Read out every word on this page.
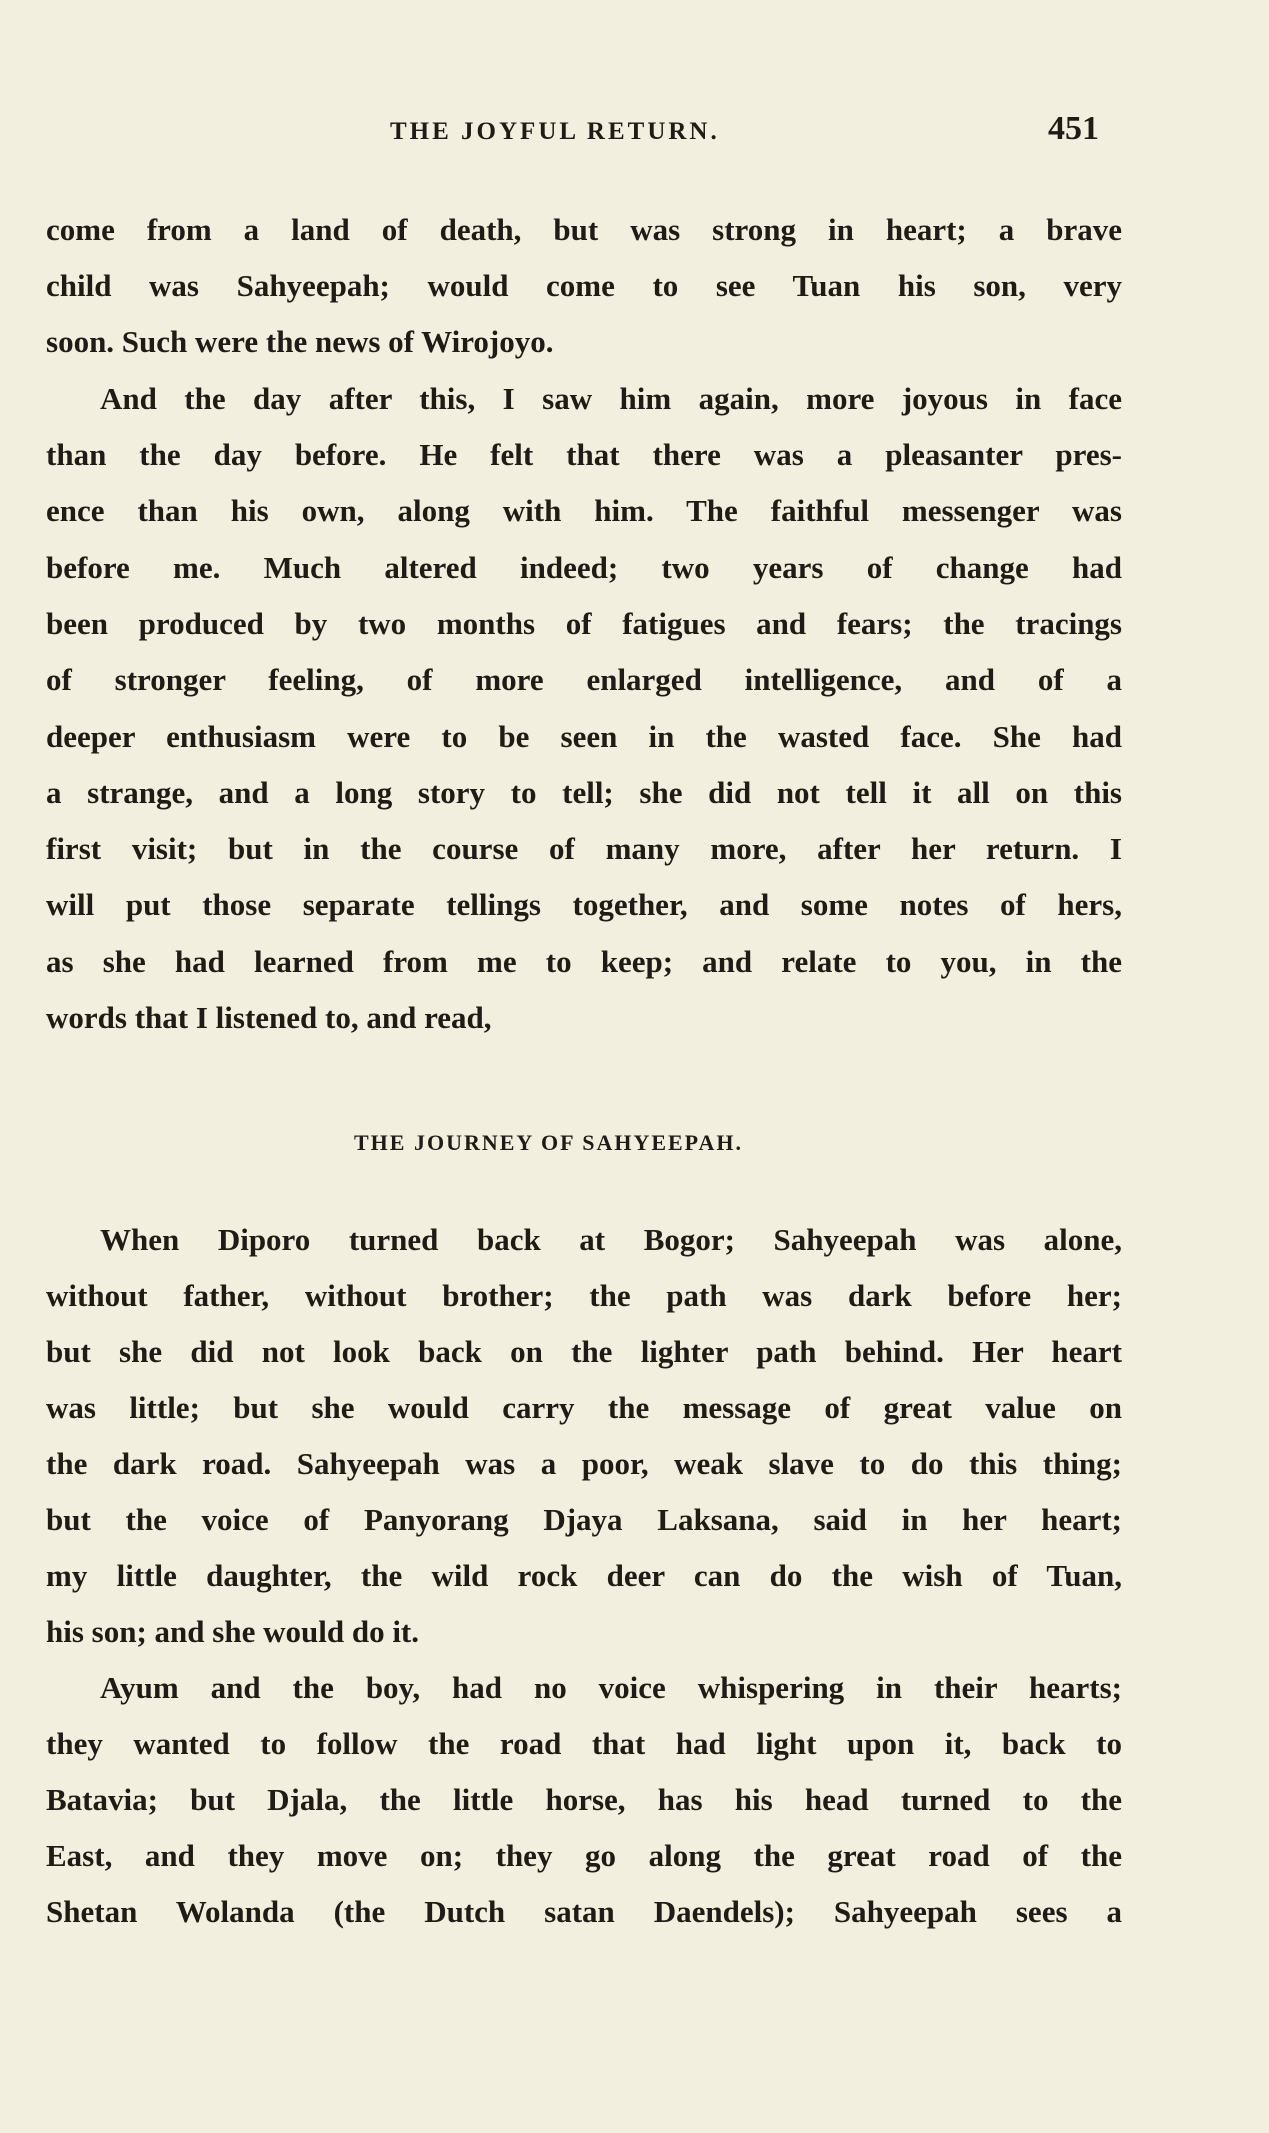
THE JOYFUL RETURN.	451
come from a land of death, but was strong in heart; a brave
child was Sahyeepah; would come to see Tuan his son, very
soon. Such were the news of Wirojoyo.
And the day after this, I saw him again, more joyous in face
than the day before. He felt that there was a pleasanter pres-
ence than his own, along with him. The faithful messenger was
before me. Much altered indeed; two years of change had
been produced by two months of fatigues and fears; the tracings
of stronger feeling, of more enlarged intelligence, and of a
deeper enthusiasm were to be seen in the wasted face. She had
a strange, and a long story to tell; she did not tell it all on this
first visit; but in the course of many more, after her return. I
will put those separate tellings together, and some notes of hers,
as she had learned from me to keep; and relate to you, in the
words that I listened to, and read,
THE JOURNEY OF SAHYEEPAH.
When Diporo turned back at Bogor; Sahyeepah was alone,
without father, without brother; the path was dark before her;
but she did not look back on the lighter path behind. Her heart
was little; but she would carry the message of great value on
the dark road. Sahyeepah was a poor, weak slave to do this thing;
but the voice of Panyorang Djaya Laksana, said in her heart;
my little daughter, the wild rock deer can do the wish of Tuan,
his son; and she would do it.
Ayum and the boy, had no voice whispering in their hearts;
they wanted to follow the road that had light upon it, back to
Batavia; but Djala, the little horse, has his head turned to the
East, and they move on; they go along the great road of the
Shetan Wolanda (the Dutch satan Daendels); Sahyeepah sees a
